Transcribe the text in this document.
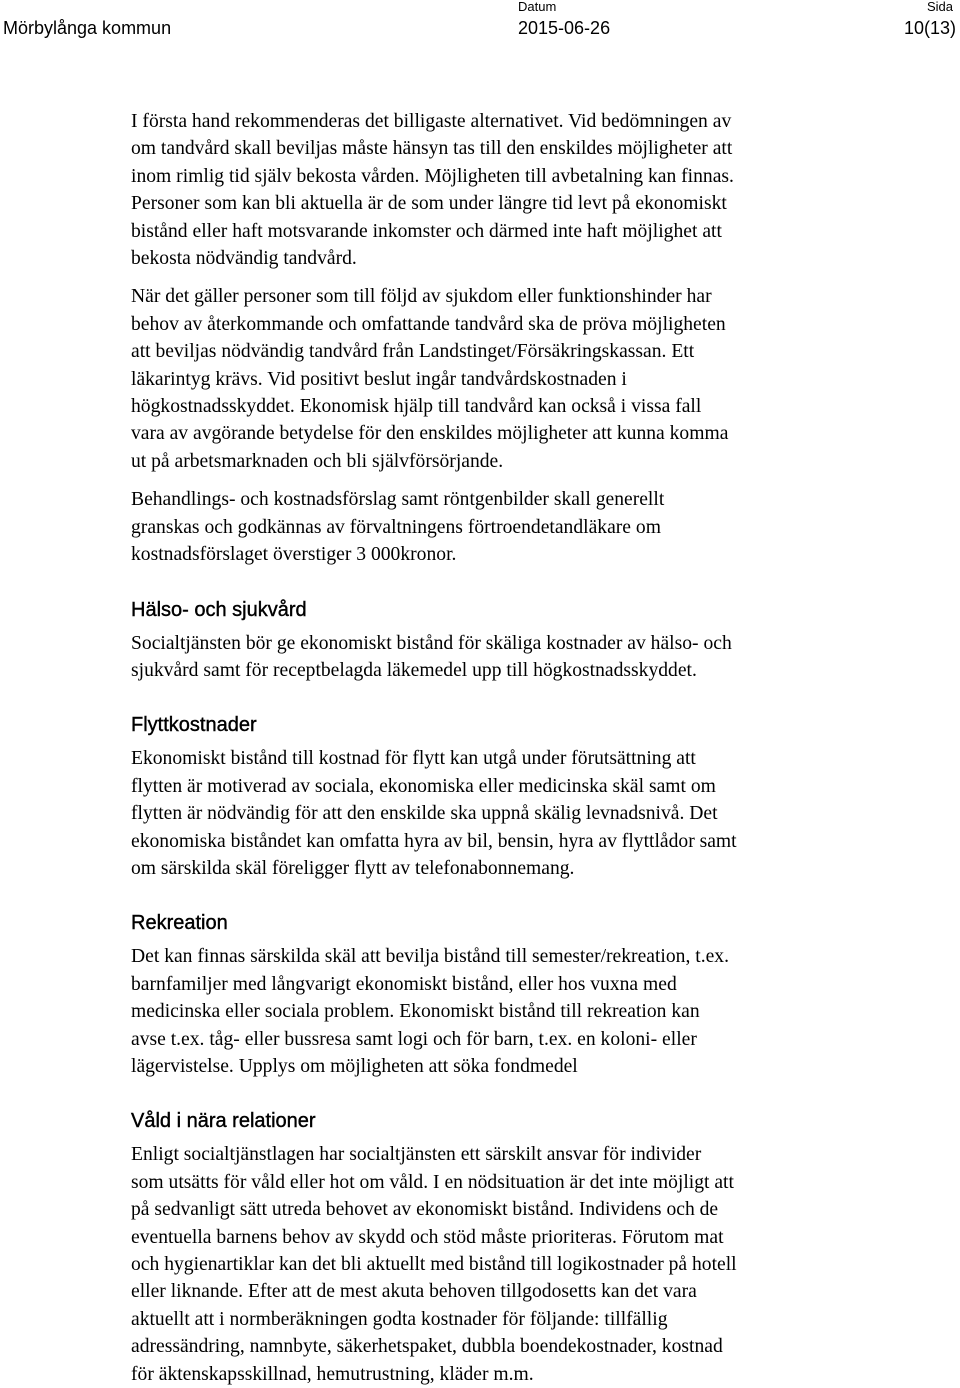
Mörbylånga kommun
Datum
2015-06-26
Sida
10(13)

I första hand rekommenderas det billigaste alternativet. Vid bedömningen av
om tandvård skall beviljas måste hänsyn tas till den enskildes möjligheter att
inom rimlig tid själv bekosta vården. Möjligheten till avbetalning kan finnas.
Personer som kan bli aktuella är de som under längre tid levt på ekonomiskt
bistånd eller haft motsvarande inkomster och därmed inte haft möjlighet att
bekosta nödvändig tandvård.

När det gäller personer som till följd av sjukdom eller funktionshinder har
behov av återkommande och omfattande tandvård ska de pröva möjligheten
att beviljas nödvändig tandvård från Landstinget/Försäkringskassan. Ett
läkarintyg krävs. Vid positivt beslut ingår tandvårdskostnaden i
högkostnadsskyddet. Ekonomisk hjälp till tandvård kan också i vissa fall
vara av avgörande betydelse för den enskildes möjligheter att kunna komma
ut på arbetsmarknaden och bli självförsörjande.

Behandlings- och kostnadsförslag samt röntgenbilder skall generellt
granskas och godkännas av förvaltningens förtroendetandläkare om
kostnadsförslaget överstiger 3 000kronor.

Hälso- och sjukvård

Socialtjänsten bör ge ekonomiskt bistånd för skäliga kostnader av hälso- och
sjukvård samt för receptbelagda läkemedel upp till högkostnadsskyddet.

Flyttkostnader

Ekonomiskt bistånd till kostnad för flytt kan utgå under förutsättning att
flytten är motiverad av sociala, ekonomiska eller medicinska skäl samt om
flytten är nödvändig för att den enskilde ska uppnå skälig levnadsnivå. Det
ekonomiska biståndet kan omfatta hyra av bil, bensin, hyra av flyttlådor samt
om särskilda skäl föreligger flytt av telefonabonnemang.

Rekreation

Det kan finnas särskilda skäl att bevilja bistånd till semester/rekreation, t.ex.
barnfamiljer med långvarigt ekonomiskt bistånd, eller hos vuxna med
medicinska eller sociala problem. Ekonomiskt bistånd till rekreation kan
avse t.ex. tåg- eller bussresa samt logi och för barn, t.ex. en koloni- eller
lägervistelse. Upplys om möjligheten att söka fondmedel

Våld i nära relationer

Enligt socialtjänstlagen har socialtjänsten ett särskilt ansvar för individer
som utsätts för våld eller hot om våld. I en nödsituation är det inte möjligt att
på sedvanligt sätt utreda behovet av ekonomiskt bistånd. Individens och de
eventuella barnens behov av skydd och stöd måste prioriteras. Förutom mat
och hygienartiklar kan det bli aktuellt med bistånd till logikostnader på hotell
eller liknande. Efter att de mest akuta behoven tillgodosetts kan det vara
aktuellt att i normberäkningen godta kostnader för följande: tillfällig
adressändring, namnbyte, säkerhetspaket, dubbla boendekostnader, kostnad
för äktenskapsskillnad, hemutrustning, kläder m.m.
